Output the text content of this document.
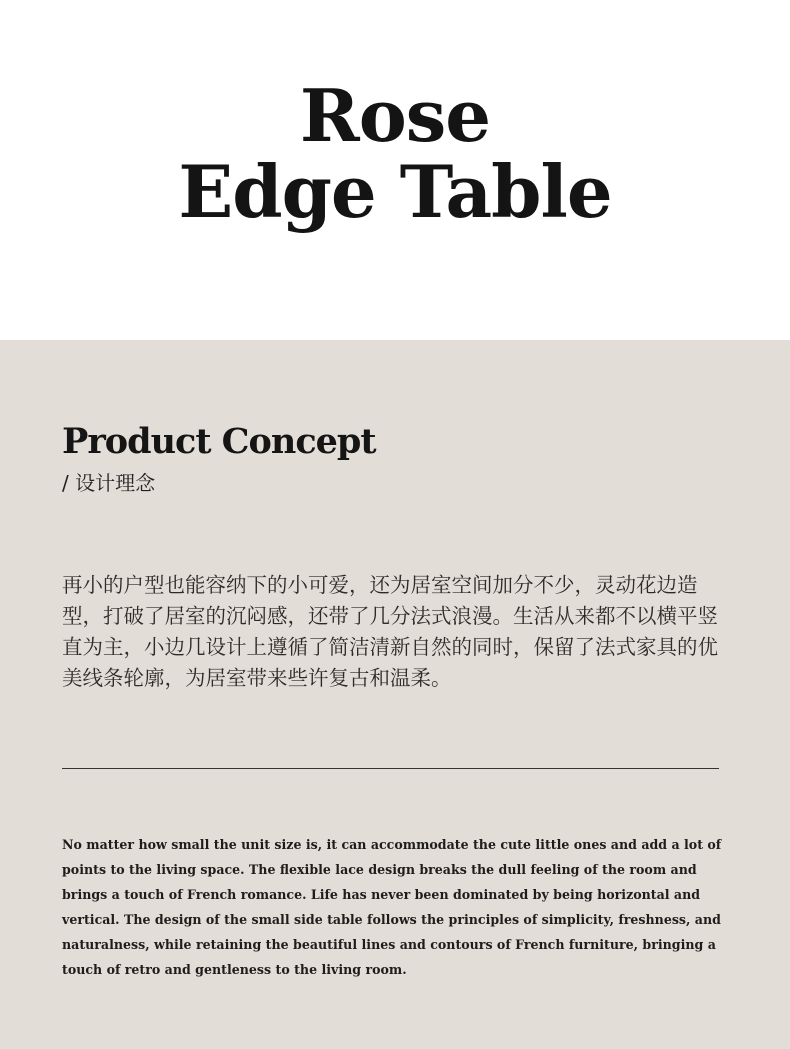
Rose
Edge Table
Product Concept
/ 设计理念

再小的户型也能容纳下的小可爱，还为居室空间加分不少，灵动花边造型，打破了居室的沉闷感，还带了几分法式浪漫。生活从来都不以横平竖直为主，小边几设计上遵循了简洁清新自然的同时，保留了法式家具的优美线条轮廓，为居室带来些许复古和温柔。

No matter how small the unit size is, it can accommodate the cute little ones and add a lot of points to the living space. The flexible lace design breaks the dull feeling of the room and brings a touch of French romance. Life has never been dominated by being horizontal and vertical. The design of the small side table follows the principles of simplicity, freshness, and naturalness, while retaining the beautiful lines and contours of French furniture, bringing a touch of retro and gentleness to the living room.
